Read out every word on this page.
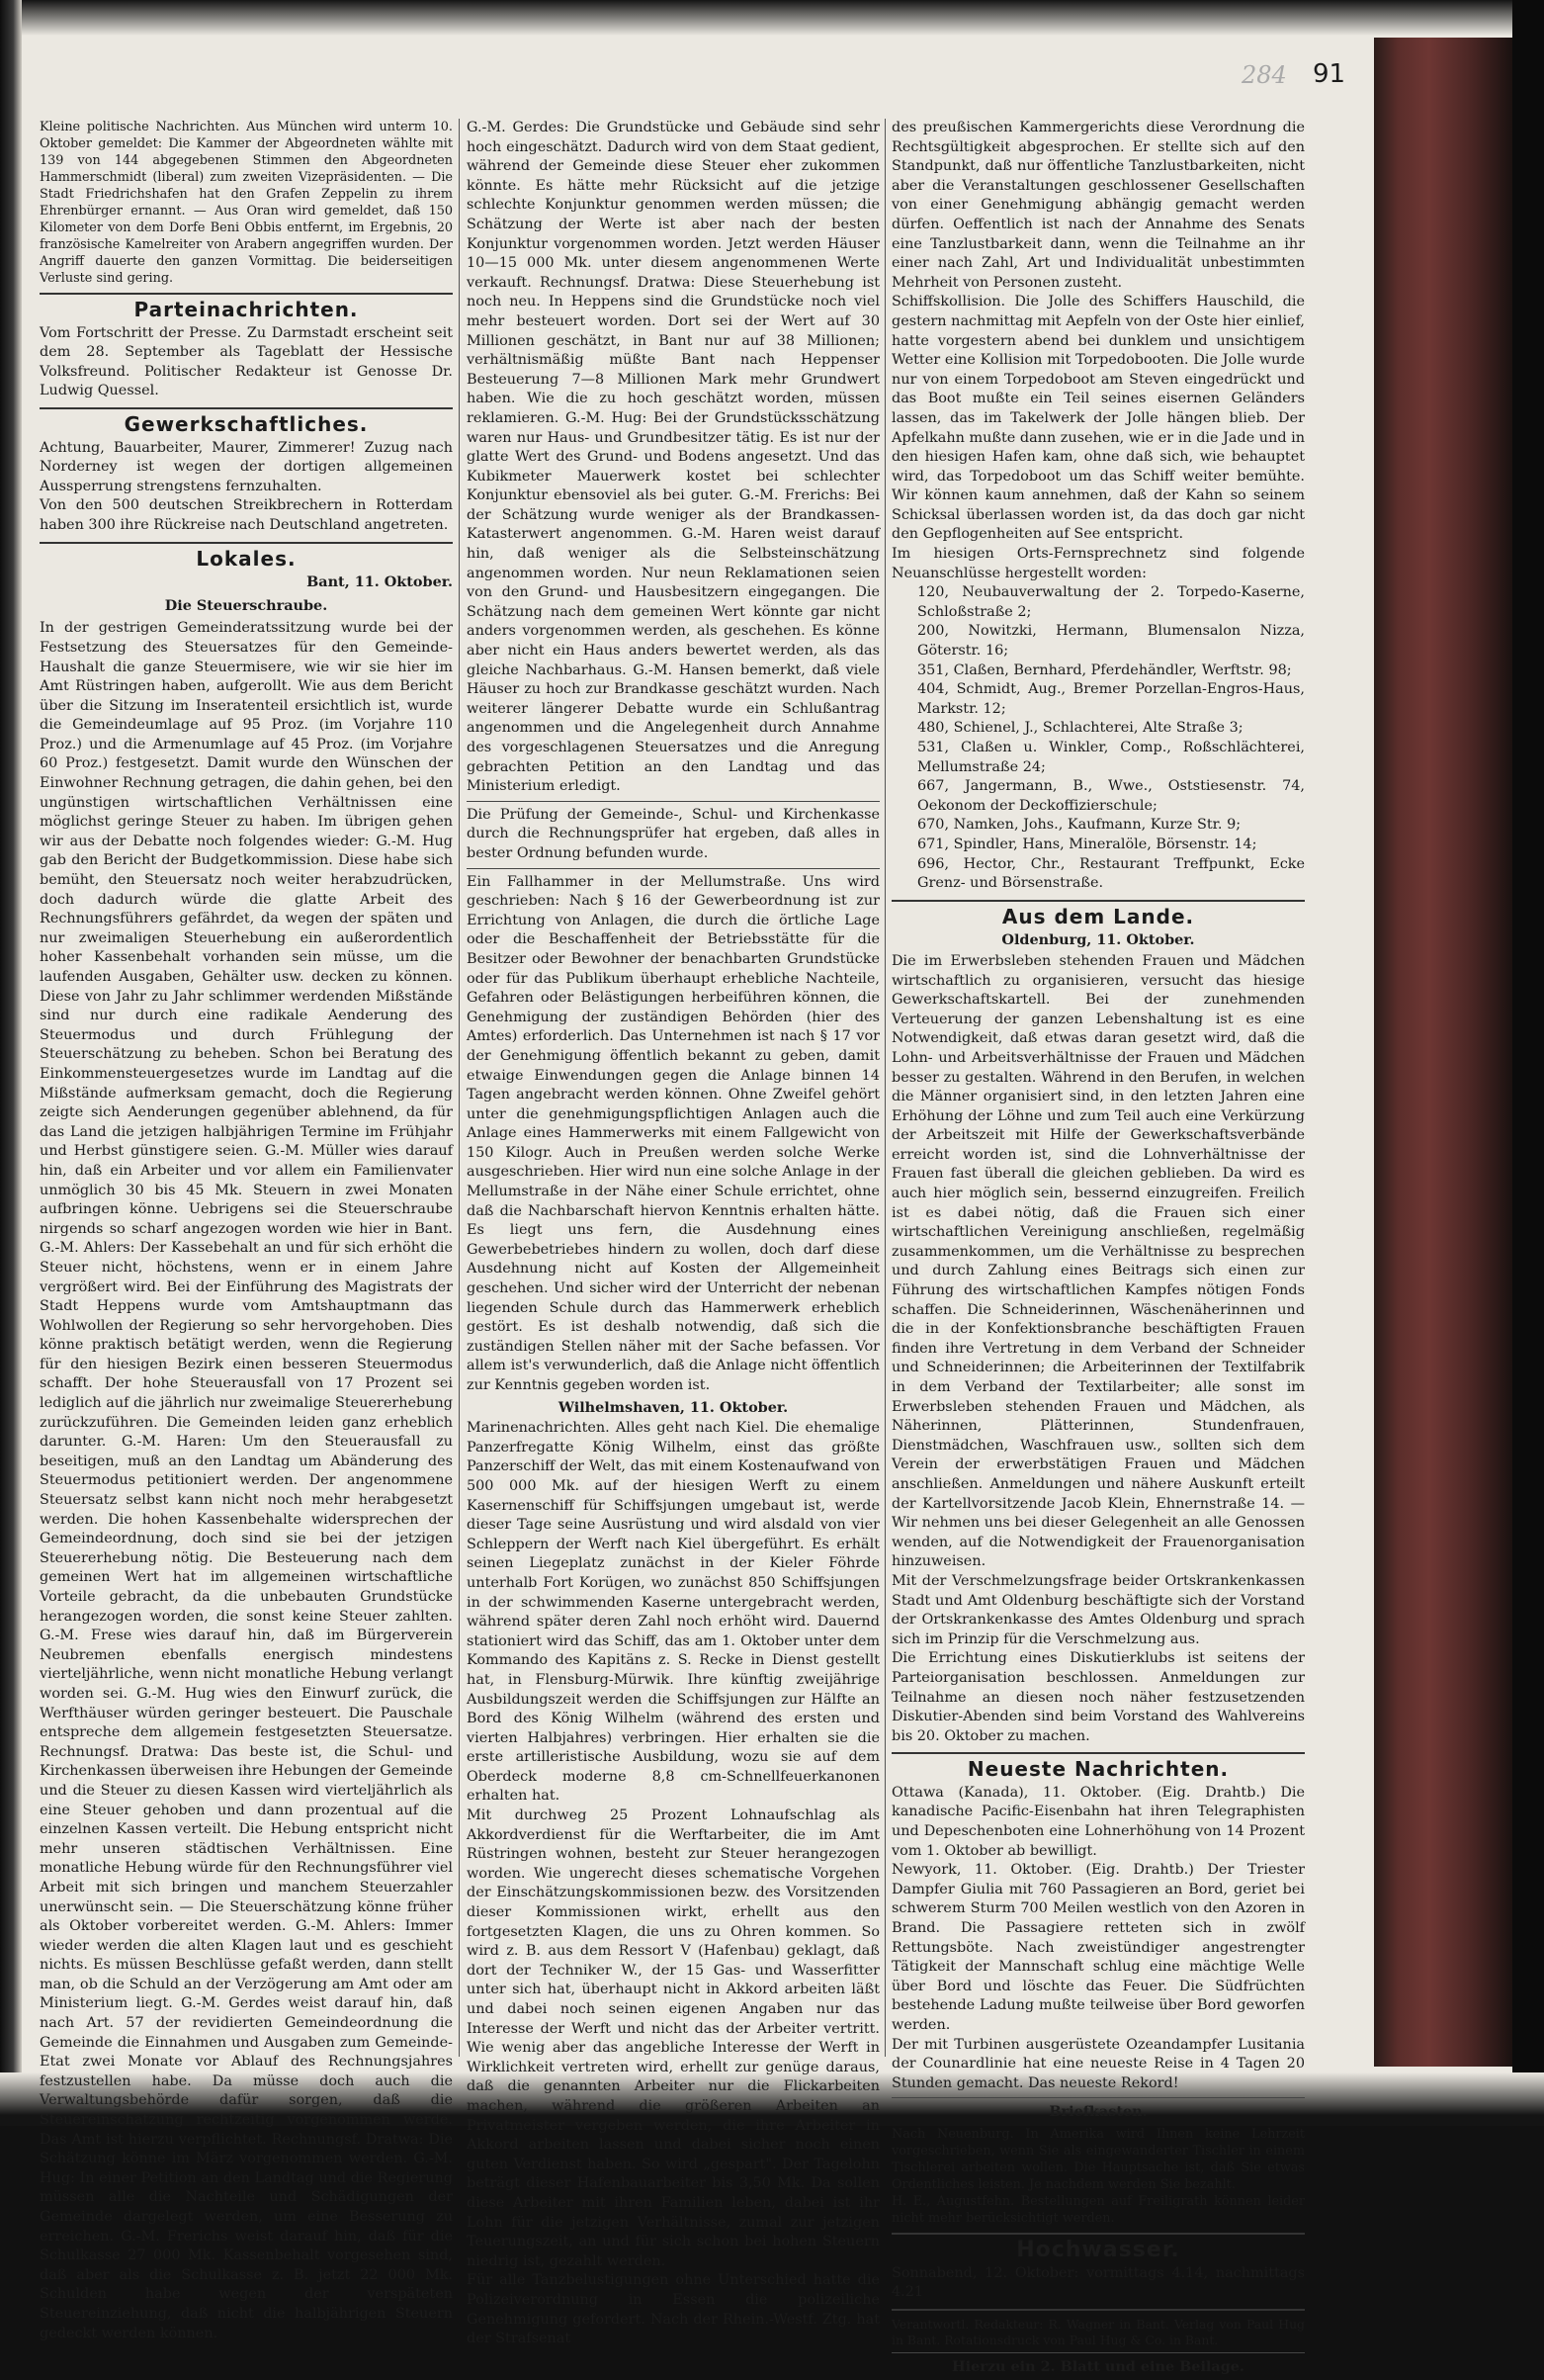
284 91

Kleine politische Nachrichten. Aus München wird unterm 10. Oktober gemeldet: Die Kammer der Abgeordneten wählte mit 139 von 144 abgegebenen Stimmen den Abgeordneten Hammerschmidt (liberal) zum zweiten Vizepräsidenten. — Die Stadt Friedrichshafen hat den Grafen Zeppelin zu ihrem Ehrenbürger ernannt. — Aus Oran wird gemeldet, daß 150 Kilometer von dem Dorfe Beni Obbis entfernt, im Ergebnis, 20 französische Kamelreiter von Arabern angegriffen wurden. Der Angriff dauerte den ganzen Vormittag. Die beiderseitigen Verluste sind gering.

Parteinachrichten.

Vom Fortschritt der Presse. Zu Darmstadt erscheint seit dem 28. September als Tageblatt der Hessische Volksfreund. Politischer Redakteur ist Genosse Dr. Ludwig Quessel.

Gewerkschaftliches.

Achtung, Bauarbeiter, Maurer, Zimmerer! Zuzug nach Norderney ist wegen der dortigen allgemeinen Aussperrung strengstens fernzuhalten.

Von den 500 deutschen Streikbrechern in Rotterdam haben 300 ihre Rückreise nach Deutschland angetreten.

Lokales.
Bant, 11. Oktober.
Die Steuerschraube.

In der gestrigen Gemeinderatssitzung wurde bei der Festsetzung des Steuersatzes für den Gemeinde-Haushalt die ganze Steuermisere, wie wir sie hier im Amt Rüstringen haben, aufgerollt. Wie aus dem Bericht über die Sitzung im Inseratenteil ersichtlich ist, wurde die Gemeindeumlage auf 95 Proz. (im Vorjahre 110 Proz.) und die Armenumlage auf 45 Proz. (im Vorjahre 60 Proz.) festgesetzt. Damit wurde den Wünschen der Einwohner Rechnung getragen, die dahin gehen, bei den ungünstigen wirtschaftlichen Verhältnissen eine möglichst geringe Steuer zu haben. Im übrigen gehen wir aus der Debatte noch folgendes wieder: G.-M. Hug gab den Bericht der Budgetkommission. Diese habe sich bemüht, den Steuersatz noch weiter herabzudrücken, doch dadurch würde die glatte Arbeit des Rechnungsführers gefährdet, da wegen der späten und nur zweimaligen Steuerhebung ein außerordentlich hoher Kassenbehalt vorhanden sein müsse, um die laufenden Ausgaben, Gehälter usw. decken zu können. Diese von Jahr zu Jahr schlimmer werdenden Mißstände sind nur durch eine radikale Aenderung des Steuermodus und durch Frühlegung der Steuerschätzung zu beheben. Schon bei Beratung des Einkommensteuergesetzes wurde im Landtag auf die Mißstände aufmerksam gemacht, doch die Regierung zeigte sich Aenderungen gegenüber ablehnend, da für das Land die jetzigen halbjährigen Termine im Frühjahr und Herbst günstigere seien. G.-M. Müller wies darauf hin, daß ein Arbeiter und vor allem ein Familienvater unmöglich 30 bis 45 Mk. Steuern in zwei Monaten aufbringen könne. Uebrigens sei die Steuerschraube nirgends so scharf angezogen worden wie hier in Bant. G.-M. Ahlers: Der Kassebehalt an und für sich erhöht die Steuer nicht, höchstens, wenn er in einem Jahre vergrößert wird. Bei der Einführung des Magistrats der Stadt Heppens wurde vom Amtshauptmann das Wohlwollen der Regierung so sehr hervorgehoben. Dies könne praktisch betätigt werden, wenn die Regierung für den hiesigen Bezirk einen besseren Steuermodus schafft. Der hohe Steuerausfall von 17 Prozent sei lediglich auf die jährlich nur zweimalige Steuererhebung zurückzuführen. Die Gemeinden leiden ganz erheblich darunter. G.-M. Haren: Um den Steuerausfall zu beseitigen, muß an den Landtag um Abänderung des Steuermodus petitioniert werden. Der angenommene Steuersatz selbst kann nicht noch mehr herabgesetzt werden. Die hohen Kassenbehalte widersprechen der Gemeindeordnung, doch sind sie bei der jetzigen Steuererhebung nötig. Die Besteuerung nach dem gemeinen Wert hat im allgemeinen wirtschaftliche Vorteile gebracht, da die unbebauten Grundstücke herangezogen worden, die sonst keine Steuer zahlten. G.-M. Frese wies darauf hin, daß im Bürgerverein Neubremen ebenfalls energisch mindestens vierteljährliche, wenn nicht monatliche Hebung verlangt worden sei. G.-M. Hug wies den Einwurf zurück, die Werfthäuser würden geringer besteuert. Die Pauschale entspreche dem allgemein festgesetzten Steuersatze. Rechnungsf. Dratwa: Das beste ist, die Schul- und Kirchenkassen überweisen ihre Hebungen der Gemeinde und die Steuer zu diesen Kassen wird vierteljährlich als eine Steuer gehoben und dann prozentual auf die einzelnen Kassen verteilt. Die Hebung entspricht nicht mehr unseren städtischen Verhältnissen. Eine monatliche Hebung würde für den Rechnungsführer viel Arbeit mit sich bringen und manchem Steuerzahler unerwünscht sein. — Die Steuerschätzung könne früher als Oktober vorbereitet werden. G.-M. Ahlers: Immer wieder werden die alten Klagen laut und es geschieht nichts. Es müssen Beschlüsse gefaßt werden, dann stellt man, ob die Schuld an der Verzögerung am Amt oder am Ministerium liegt. G.-M. Gerdes weist darauf hin, daß nach Art. 57 der revidierten Gemeindeordnung die Gemeinde die Einnahmen und Ausgaben zum Gemeinde-Etat zwei Monate vor Ablauf des Rechnungsjahres festzustellen habe. Da müsse doch auch die Verwaltungsbehörde dafür sorgen, daß die Steuereinschätzung rechtzeitig vorgenommen werde. Das Amt ist hierzu verpflichtet. Rechnungsf. Dratwa: Die Schätzung könne im März vorgenommen werden. G.-M. Hug: In einer Petition an den Landtag und die Regierung müssen alle die Nachteile und Schädigungen der Gemeinde dargelegt werden, um eine Besserung zu erreichen. G.-M. Frerichs weist darauf hin, daß für die Schulkasse 27 000 Mk. Kassenbehalt vorgesehen sind, daß aber als die Schulkasse z. B. jetzt 22 000 Mk. Schulden habe wegen der verspäteten Steuereinziehung, daß nicht die halbjährigen Steuern gedeckt werden können.

G.-M. Gerdes: Die Grundstücke und Gebäude sind sehr hoch eingeschätzt. Dadurch wird von dem Staat gedient, während der Gemeinde diese Steuer eher zukommen könnte. Es hätte mehr Rücksicht auf die jetzige schlechte Konjunktur genommen werden müssen; die Schätzung der Werte ist aber nach der besten Konjunktur vorgenommen worden. Jetzt werden Häuser 10—15 000 Mk. unter diesem angenommenen Werte verkauft. Rechnungsf. Dratwa: Diese Steuerhebung ist noch neu. In Heppens sind die Grundstücke noch viel mehr besteuert worden. Dort sei der Wert auf 30 Millionen geschätzt, in Bant nur auf 38 Millionen; verhältnismäßig müßte Bant nach Heppenser Besteuerung 7—8 Millionen Mark mehr Grundwert haben. Wie die zu hoch geschätzt worden, müssen reklamieren. G.-M. Hug: Bei der Grundstücksschätzung waren nur Haus- und Grundbesitzer tätig. Es ist nur der glatte Wert des Grund- und Bodens angesetzt. Und das Kubikmeter Mauerwerk kostet bei schlechter Konjunktur ebensoviel als bei guter. G.-M. Frerichs: Bei der Schätzung wurde weniger als der Brandkassen-Katasterwert angenommen. G.-M. Haren weist darauf hin, daß weniger als die Selbsteinschätzung angenommen worden. Nur neun Reklamationen seien von den Grund- und Hausbesitzern eingegangen. Die Schätzung nach dem gemeinen Wert könnte gar nicht anders vorgenommen werden, als geschehen. Es könne aber nicht ein Haus anders bewertet werden, als das gleiche Nachbarhaus. G.-M. Hansen bemerkt, daß viele Häuser zu hoch zur Brandkasse geschätzt wurden. Nach weiterer längerer Debatte wurde ein Schlußantrag angenommen und die Angelegenheit durch Annahme des vorgeschlagenen Steuersatzes und die Anregung gebrachten Petition an den Landtag und das Ministerium erledigt.

Die Prüfung der Gemeinde-, Schul- und Kirchenkasse durch die Rechnungsprüfer hat ergeben, daß alles in bester Ordnung befunden wurde.

Ein Fallhammer in der Mellumstraße. Uns wird geschrieben: Nach § 16 der Gewerbeordnung ist zur Errichtung von Anlagen, die durch die örtliche Lage oder die Beschaffenheit der Betriebsstätte für die Besitzer oder Bewohner der benachbarten Grundstücke oder für das Publikum überhaupt erhebliche Nachteile, Gefahren oder Belästigungen herbeiführen können, die Genehmigung der zuständigen Behörden (hier des Amtes) erforderlich. Das Unternehmen ist nach § 17 vor der Genehmigung öffentlich bekannt zu geben, damit etwaige Einwendungen gegen die Anlage binnen 14 Tagen angebracht werden können. Ohne Zweifel gehört unter die genehmigungspflichtigen Anlagen auch die Anlage eines Hammerwerks mit einem Fallgewicht von 150 Kilogr. Auch in Preußen werden solche Werke ausgeschrieben. Hier wird nun eine solche Anlage in der Mellumstraße in der Nähe einer Schule errichtet, ohne daß die Nachbarschaft hiervon Kenntnis erhalten hätte. Es liegt uns fern, die Ausdehnung eines Gewerbebetriebes hindern zu wollen, doch darf diese Ausdehnung nicht auf Kosten der Allgemeinheit geschehen. Und sicher wird der Unterricht der nebenan liegenden Schule durch das Hammerwerk erheblich gestört. Es ist deshalb notwendig, daß sich die zuständigen Stellen näher mit der Sache befassen. Vor allem ist's verwunderlich, daß die Anlage nicht öffentlich zur Kenntnis gegeben worden ist.

Wilhelmshaven, 11. Oktober.

Marinenachrichten. Alles geht nach Kiel. Die ehemalige Panzerfregatte König Wilhelm, einst das größte Panzerschiff der Welt, das mit einem Kostenaufwand von 500 000 Mk. auf der hiesigen Werft zu einem Kasernenschiff für Schiffsjungen umgebaut ist, werde dieser Tage seine Ausrüstung und wird alsdald von vier Schleppern der Werft nach Kiel übergeführt. Es erhält seinen Liegeplatz zunächst in der Kieler Föhrde unterhalb Fort Korügen, wo zunächst 850 Schiffsjungen in der schwimmenden Kaserne untergebracht werden, während später deren Zahl noch erhöht wird. Dauernd stationiert wird das Schiff, das am 1. Oktober unter dem Kommando des Kapitäns z. S. Recke in Dienst gestellt hat, in Flensburg-Mürwik. Ihre künftig zweijährige Ausbildungszeit werden die Schiffsjungen zur Hälfte an Bord des König Wilhelm (während des ersten und vierten Halbjahres) verbringen. Hier erhalten sie die erste artilleristische Ausbildung, wozu sie auf dem Oberdeck moderne 8,8 cm-Schnellfeuerkanonen erhalten hat.

Mit durchweg 25 Prozent Lohnaufschlag als Akkordverdienst für die Werftarbeiter, die im Amt Rüstringen wohnen, besteht zur Steuer herangezogen worden. Wie ungerecht dieses schematische Vorgehen der Einschätzungskommissionen bezw. des Vorsitzenden dieser Kommissionen wirkt, erhellt aus den fortgesetzten Klagen, die uns zu Ohren kommen. So wird z. B. aus dem Ressort V (Hafenbau) geklagt, daß dort der Techniker W., der 15 Gas- und Wasserfitter unter sich hat, überhaupt nicht in Akkord arbeiten läßt und dabei noch seinen eigenen Angaben nur das Interesse der Werft und nicht das der Arbeiter vertritt. Wie wenig aber das angebliche Interesse der Werft in Wirklichkeit vertreten wird, erhellt zur genüge daraus, daß die genannten Arbeiter nur die Flickarbeiten machen, während die größeren Arbeiten an Privatmeister vergeben werden, die ihre Arbeiter in Akkord arbeiten lassen und dabei sicher noch einen guten Verdienst haben. So wird „gespart". Der Tagelohn beträgt dieser Hafenbauarbeiter bis 3,50 Mk. Da sollen diese Arbeiter mit ihren Familien leben, dabei ist ihr Lohn für die jetzigen Verhältnisse, zumal zur jetzigen Teuerungszeit, an und für sich schon bei hohen Steuern niedrig ist, gezahlt werden.

Für alle Tanzbelustigungen ohne Unterschied hatte die Polizeiverordnung in Essen die polizeiliche Genehmigung gefordert. Nach der Rhein.-Westf. Ztg. hat der Strafsenat

des preußischen Kammergerichts diese Verordnung die Rechtsgültigkeit abgesprochen. Er stellte sich auf den Standpunkt, daß nur öffentliche Tanzlustbarkeiten, nicht aber die Veranstaltungen geschlossener Gesellschaften von einer Genehmigung abhängig gemacht werden dürfen. Oeffentlich ist nach der Annahme des Senats eine Tanzlustbarkeit dann, wenn die Teilnahme an ihr einer nach Zahl, Art und Individualität unbestimmten Mehrheit von Personen zusteht.

Schiffskollision. Die Jolle des Schiffers Hauschild, die gestern nachmittag mit Aepfeln von der Oste hier einlief, hatte vorgestern abend bei dunklem und unsichtigem Wetter eine Kollision mit Torpedobooten. Die Jolle wurde nur von einem Torpedoboot am Steven eingedrückt und das Boot mußte ein Teil seines eisernen Geländers lassen, das im Takelwerk der Jolle hängen blieb. Der Apfelkahn mußte dann zusehen, wie er in die Jade und in den hiesigen Hafen kam, ohne daß sich, wie behauptet wird, das Torpedoboot um das Schiff weiter bemühte. Wir können kaum annehmen, daß der Kahn so seinem Schicksal überlassen worden ist, da das doch gar nicht den Gepflogenheiten auf See entspricht.

Im hiesigen Orts-Fernsprechnetz sind folgende Neuanschlüsse hergestellt worden:

120, Neubauverwaltung der 2. Torpedo-Kaserne, Schloßstraße 2;
200, Nowitzki, Hermann, Blumensalon Nizza, Göterstr. 16;
351, Claßen, Bernhard, Pferdehändler, Werftstr. 98;
404, Schmidt, Aug., Bremer Porzellan-Engros-Haus, Markstr. 12;
480, Schienel, J., Schlachterei, Alte Straße 3;
531, Claßen u. Winkler, Comp., Roßschlächterei, Mellumstraße 24;
667, Jangermann, B., Wwe., Oststiesenstr. 74, Oekonom der Deckoffizierschule;
670, Namken, Johs., Kaufmann, Kurze Str. 9;
671, Spindler, Hans, Mineralöle, Börsenstr. 14;
696, Hector, Chr., Restaurant Treffpunkt, Ecke Grenz- und Börsenstraße.
Aus dem Lande.
Oldenburg, 11. Oktober.

Die im Erwerbsleben stehenden Frauen und Mädchen wirtschaftlich zu organisieren, versucht das hiesige Gewerkschaftskartell. Bei der zunehmenden Verteuerung der ganzen Lebenshaltung ist es eine Notwendigkeit, daß etwas daran gesetzt wird, daß die Lohn- und Arbeitsverhältnisse der Frauen und Mädchen besser zu gestalten. Während in den Berufen, in welchen die Männer organisiert sind, in den letzten Jahren eine Erhöhung der Löhne und zum Teil auch eine Verkürzung der Arbeitszeit mit Hilfe der Gewerkschaftsverbände erreicht worden ist, sind die Lohnverhältnisse der Frauen fast überall die gleichen geblieben. Da wird es auch hier möglich sein, bessernd einzugreifen. Freilich ist es dabei nötig, daß die Frauen sich einer wirtschaftlichen Vereinigung anschließen, regelmäßig zusammenkommen, um die Verhältnisse zu besprechen und durch Zahlung eines Beitrags sich einen zur Führung des wirtschaftlichen Kampfes nötigen Fonds schaffen. Die Schneiderinnen, Wäschenäherinnen und die in der Konfektionsbranche beschäftigten Frauen finden ihre Vertretung in dem Verband der Schneider und Schneiderinnen; die Arbeiterinnen der Textilfabrik in dem Verband der Textilarbeiter; alle sonst im Erwerbsleben stehenden Frauen und Mädchen, als Näherinnen, Plätterinnen, Stundenfrauen, Dienstmädchen, Waschfrauen usw., sollten sich dem Verein der erwerbstätigen Frauen und Mädchen anschließen. Anmeldungen und nähere Auskunft erteilt der Kartellvorsitzende Jacob Klein, Ehnernstraße 14. — Wir nehmen uns bei dieser Gelegenheit an alle Genossen wenden, auf die Notwendigkeit der Frauenorganisation hinzuweisen.

Mit der Verschmelzungsfrage beider Ortskrankenkassen Stadt und Amt Oldenburg beschäftigte sich der Vorstand der Ortskrankenkasse des Amtes Oldenburg und sprach sich im Prinzip für die Verschmelzung aus.

Die Errichtung eines Diskutierklubs ist seitens der Parteiorganisation beschlossen. Anmeldungen zur Teilnahme an diesen noch näher festzusetzenden Diskutier-Abenden sind beim Vorstand des Wahlvereins bis 20. Oktober zu machen.

Neueste Nachrichten.

Ottawa (Kanada), 11. Oktober. (Eig. Drahtb.) Die kanadische Pacific-Eisenbahn hat ihren Telegraphisten und Depeschenboten eine Lohnerhöhung von 14 Prozent vom 1. Oktober ab bewilligt.

Newyork, 11. Oktober. (Eig. Drahtb.) Der Triester Dampfer Giulia mit 760 Passagieren an Bord, geriet bei schwerem Sturm 700 Meilen westlich von den Azoren in Brand. Die Passagiere retteten sich in zwölf Rettungsböte. Nach zweistündiger angestrengter Tätigkeit der Mannschaft schlug eine mächtige Welle über Bord und löschte das Feuer. Die Südfrüchten bestehende Ladung mußte teilweise über Bord geworfen werden.

Der mit Turbinen ausgerüstete Ozeandampfer Lusitania der Counardlinie hat eine neueste Reise in 4 Tagen 20 Stunden gemacht. Das neueste Rekord!

Briefkasten.

Nach Neuenburg. In Amerika wird Ihnen keine Lehrzeit vorgeschrieben, wenn Sie als eingewanderter Tischler in einem Tischlerei arbeiten wollen. Die Hauptsache ist, daß Sie etwas Ordentliches leisten. Je nachdem werden Sie bezahlt.

H. E., Augustfehn. Bestellungen auf Freiligrath können leider nicht mehr berücksichtigt werden.

Hochwasser.

Sonnabend, 12. Oktober: vormittags 4.14, nachmittags 4.21

Verantwortl. Redakteur: R. Wagner in Bant. Verlag von Paul Hug in Bant. Rotationsdruck von Paul Hug & Co. in Bant.

Hierzu ein 2. Blatt und eine Beilage.
